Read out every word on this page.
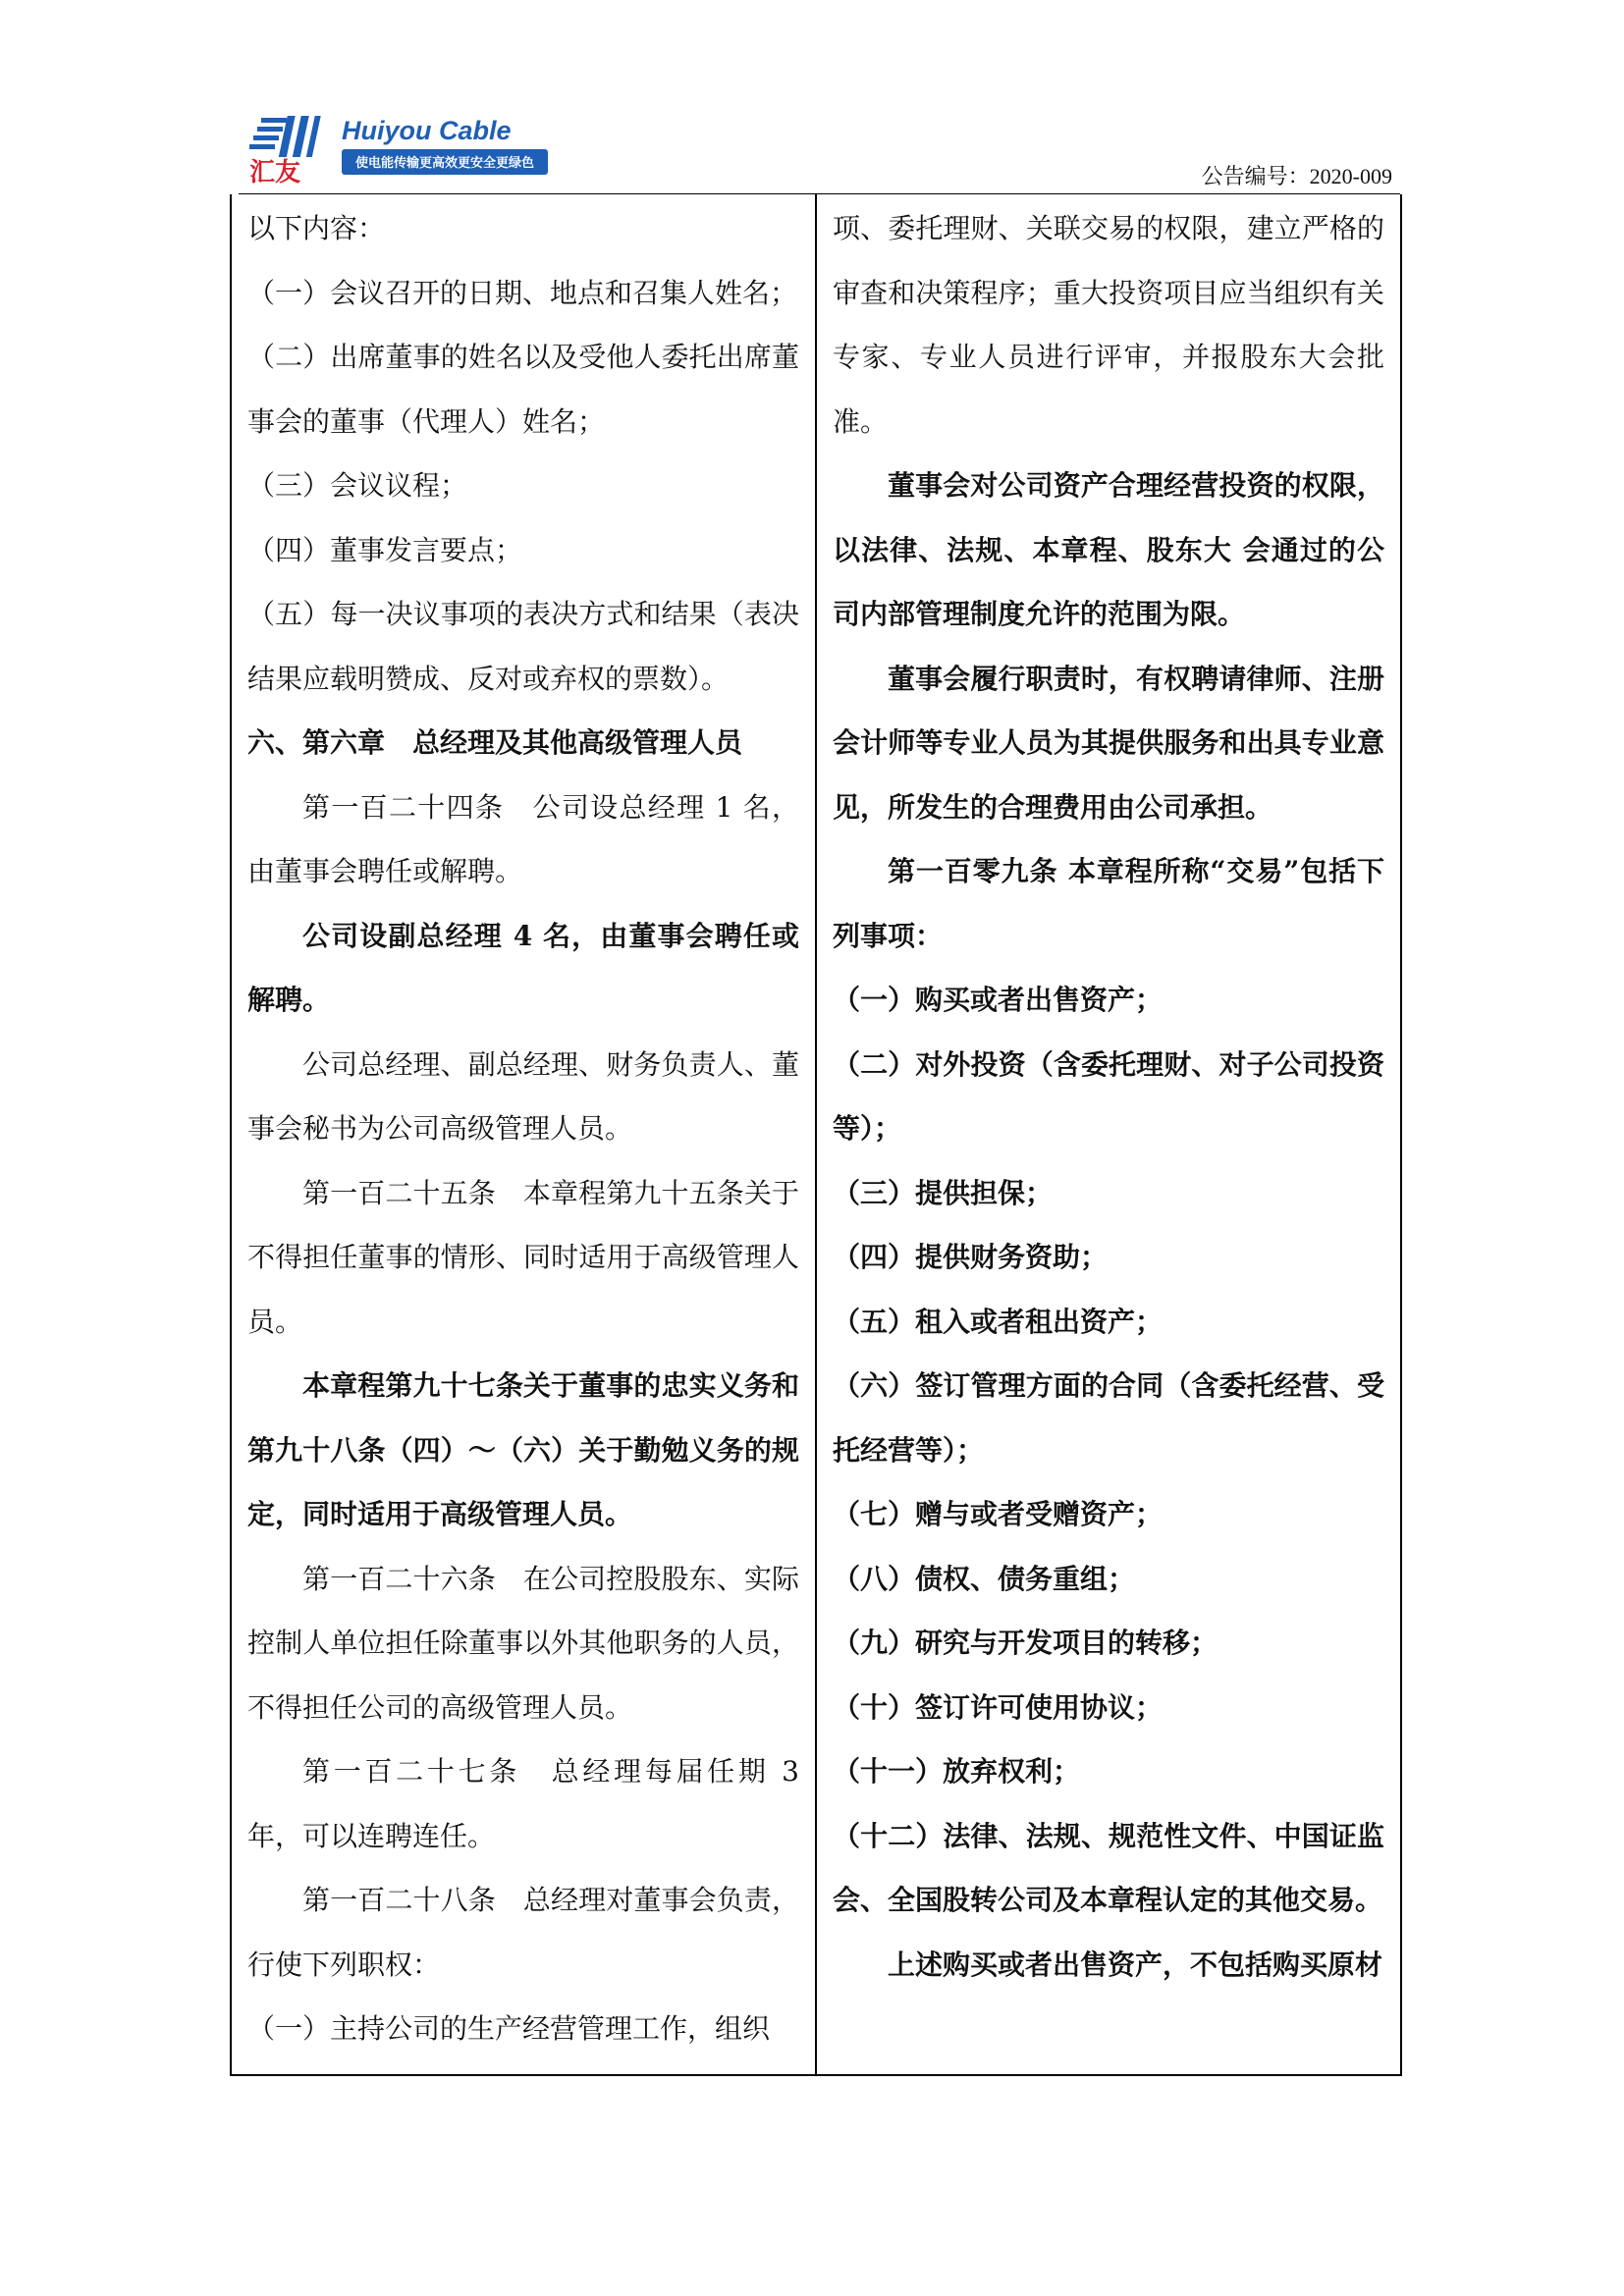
汇友
Huiyou Cable
使电能传输更高效更安全更绿色
公告编号：2020-009

以下内容：

（一）会议召开的日期、地点和召集人姓名；

（二）出席董事的姓名以及受他人委托出席董事会的董事（代理人）姓名；

（三）会议议程；

（四）董事发言要点；

（五）每一决议事项的表决方式和结果（表决结果应载明赞成、反对或弃权的票数）。

六、第六章　总经理及其他高级管理人员

第一百二十四条　公司设总经理 1 名，由董事会聘任或解聘。

公司设副总经理 4 名，由董事会聘任或解聘。

公司总经理、副总经理、财务负责人、董事会秘书为公司高级管理人员。

第一百二十五条　本章程第九十五条关于不得担任董事的情形、同时适用于高级管理人员。

本章程第九十七条关于董事的忠实义务和第九十八条（四）～（六）关于勤勉义务的规定，同时适用于高级管理人员。

第一百二十六条　在公司控股股东、实际控制人单位担任除董事以外其他职务的人员，不得担任公司的高级管理人员。

第一百二十七条　总经理每届任期 3 年，可以连聘连任。

第一百二十八条　总经理对董事会负责，行使下列职权：

（一）主持公司的生产经营管理工作，组织

项、委托理财、关联交易的权限，建立严格的审查和决策程序；重大投资项目应当组织有关专家、专业人员进行评审，并报股东大会批准。

董事会对公司资产合理经营投资的权限，以法律、法规、本章程、股东大 会通过的公司内部管理制度允许的范围为限。

董事会履行职责时，有权聘请律师、注册会计师等专业人员为其提供服务和出具专业意见，所发生的合理费用由公司承担。

第一百零九条 本章程所称“交易”包括下列事项：

（一）购买或者出售资产；

（二）对外投资（含委托理财、对子公司投资等）；

（三）提供担保；

（四）提供财务资助；

（五）租入或者租出资产；

（六）签订管理方面的合同（含委托经营、受托经营等）；

（七）赠与或者受赠资产；

（八）债权、债务重组；

（九）研究与开发项目的转移；

（十）签订许可使用协议；

（十一）放弃权利；

（十二）法律、法规、规范性文件、中国证监会、全国股转公司及本章程认定的其他交易。

上述购买或者出售资产，不包括购买原材
